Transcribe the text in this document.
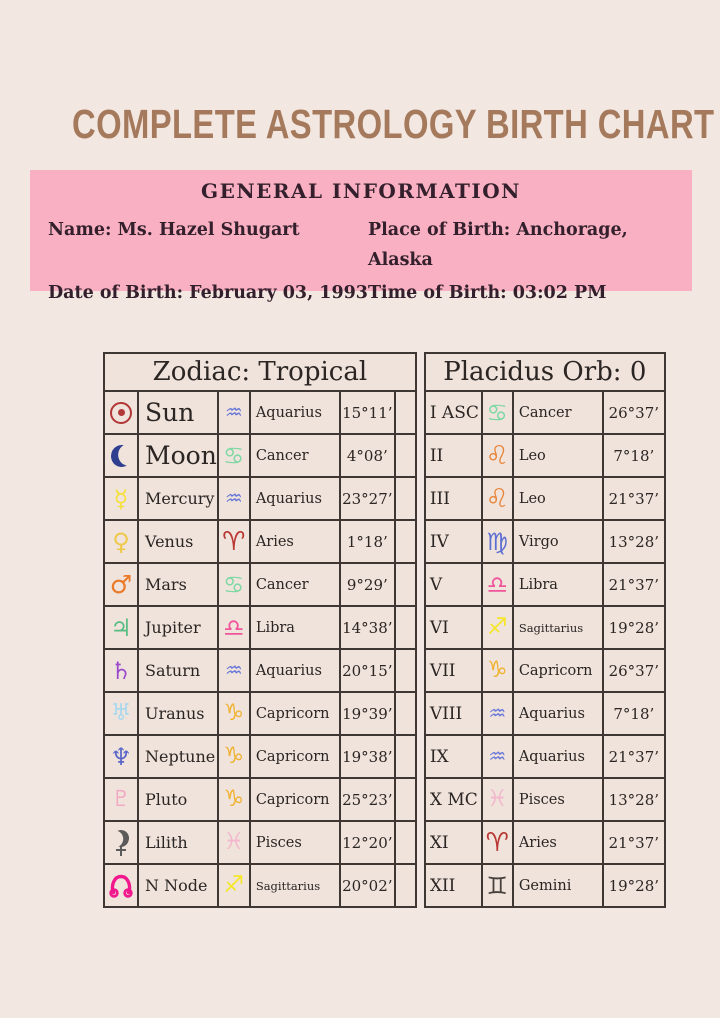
COMPLETE ASTROLOGY BIRTH CHART
GENERAL INFORMATION
Name: Ms. Hazel Shugart	Place of Birth: Anchorage, Alaska
Date of Birth: February 03, 1993 Time of Birth: 03:02 PM
Zodiac: Tropical					
	Sun	♒	Aquarius	15°11’	
	Moon	♋	Cancer	4°08’	
☿	Mercury	♒	Aquarius	23°27’	
♀	Venus	♈	Aries	1°18’	
♂	Mars	♋	Cancer	9°29’	
♃	Jupiter	♎	Libra	14°38’	
♄	Saturn	♒	Aquarius	20°15’	
♅	Uranus	♑	Capricorn	19°39’	
♆	Neptune	♑	Capricorn	19°38’	
♇	Pluto	♑	Capricorn	25°23’	

	Lilith	♓	Pisces	12°20’	
	N Node	♐	Sagittarius	20°02’	
Placidus Orb: 0			
I ASC	♋	Cancer	26°37’
II	♌	Leo	7°18’
III	♌	Leo	21°37’
IV	♍	Virgo	13°28’
V	♎	Libra	21°37’
VI	♐	Sagittarius	19°28’
VII	♑	Capricorn	26°37’
VIII	♒	Aquarius	7°18’
IX	♒	Aquarius	21°37’
X MC	♓	Pisces	13°28’
XI	♈	Aries	21°37’
XII	♊	Gemini	19°28’
